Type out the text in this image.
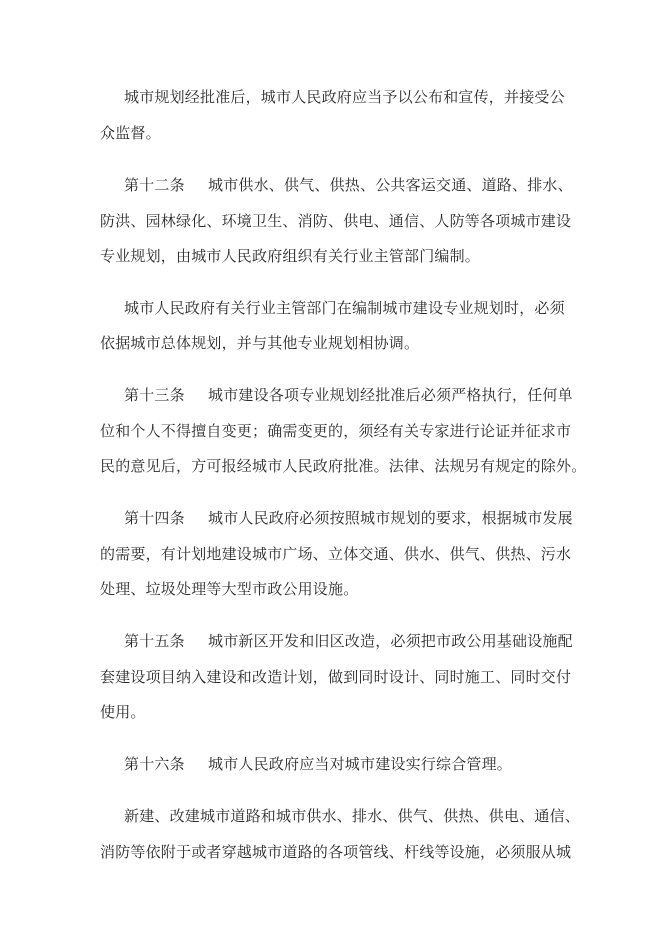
城市规划经批准后，城市人民政府应当予以公布和宣传，并接受公
众监督。
第十二条 城市供水、供气、供热、公共客运交通、道路、排水、
防洪、园林绿化、环境卫生、消防、供电、通信、人防等各项城市建设
专业规划，由城市人民政府组织有关行业主管部门编制。
城市人民政府有关行业主管部门在编制城市建设专业规划时，必须
依据城市总体规划，并与其他专业规划相协调。
第十三条 城市建设各项专业规划经批准后必须严格执行，任何单
位和个人不得擅自变更；确需变更的，须经有关专家进行论证并征求市
民的意见后，方可报经城市人民政府批准。法律、法规另有规定的除外。
第十四条 城市人民政府必须按照城市规划的要求，根据城市发展
的需要，有计划地建设城市广场、立体交通、供水、供气、供热、污水
处理、垃圾处理等大型市政公用设施。
第十五条 城市新区开发和旧区改造，必须把市政公用基础设施配
套建设项目纳入建设和改造计划，做到同时设计、同时施工、同时交付
使用。
第十六条 城市人民政府应当对城市建设实行综合管理。
新建、改建城市道路和城市供水、排水、供气、供热、供电、通信、
消防等依附于或者穿越城市道路的各项管线、杆线等设施，必须服从城
